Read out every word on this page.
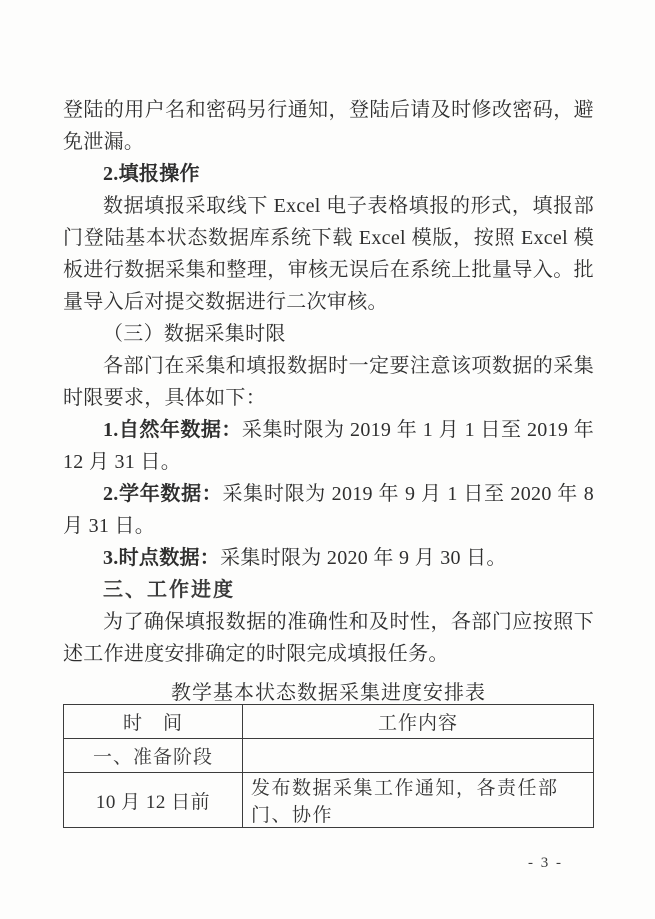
登陆的用户名和密码另行通知，登陆后请及时修改密码，避免泄漏。

2.填报操作

数据填报采取线下 Excel 电子表格填报的形式，填报部门登陆基本状态数据库系统下载 Excel 模版，按照 Excel 模板进行数据采集和整理，审核无误后在系统上批量导入。批量导入后对提交数据进行二次审核。

（三）数据采集时限

各部门在采集和填报数据时一定要注意该项数据的采集时限要求，具体如下：

1.自然年数据：采集时限为 2019 年 1 月 1 日至 2019 年 12 月 31 日。

2.学年数据：采集时限为 2019 年 9 月 1 日至 2020 年 8 月 31 日。

3.时点数据：采集时限为 2020 年 9 月 30 日。

三、工作进度

为了确保填报数据的准确性和及时性，各部门应按照下述工作进度安排确定的时限完成填报任务。

教学基本状态数据采集进度安排表
时　间	工作内容
一、准备阶段	
10 月 12 日前	发布数据采集工作通知，各责任部门、协作
- 3 -
